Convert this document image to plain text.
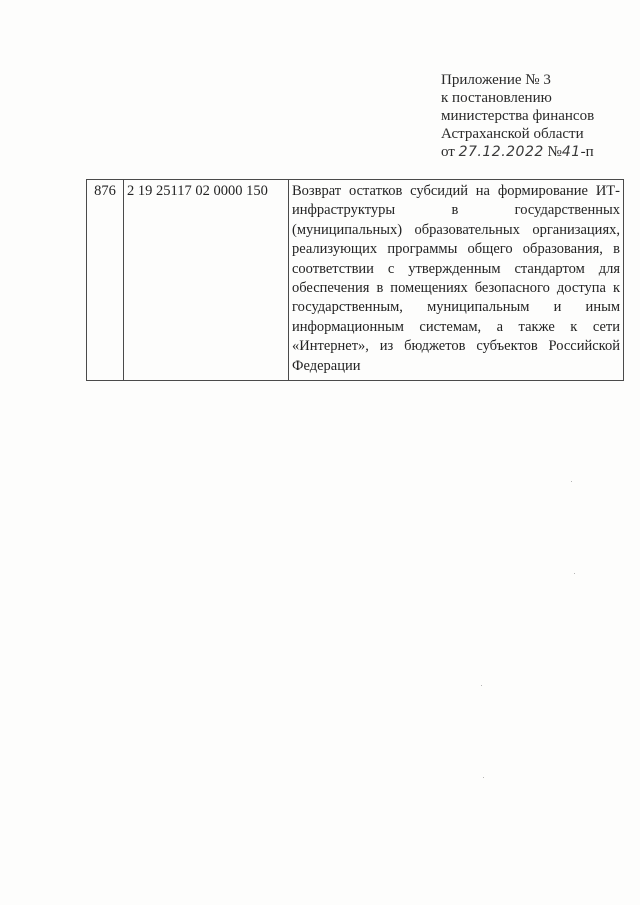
Приложение № 3
к постановлению
министерства финансов
Астраханской области
от 27.12.2022 №41-п
876	2 19 25117 02 0000 150	Возврат остатков субсидий на формирование ИТ-инфраструктуры в государственных (муниципальных) образовательных организациях, реализующих программы общего образования, в соответствии с утвержденным стандартом для обеспечения в помещениях безопасного доступа к государственным, муниципальным и иным информационным системам, а также к сети «Интернет», из бюджетов субъектов Российской Федерации
